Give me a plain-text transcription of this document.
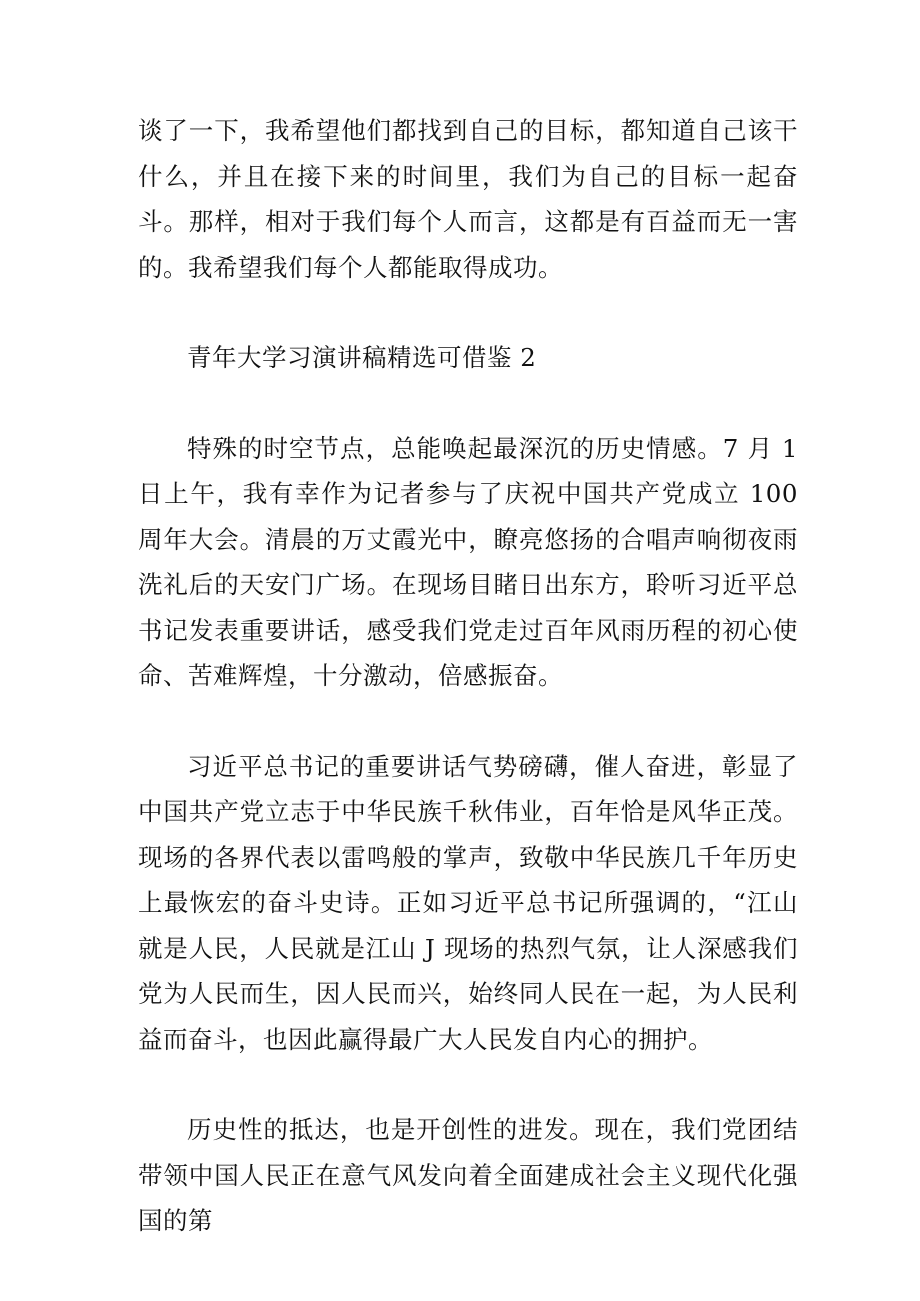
谈了一下，我希望他们都找到自己的目标，都知道自己该干什么，并且在接下来的时间里，我们为自己的目标一起奋斗。那样，相对于我们每个人而言，这都是有百益而无一害的。我希望我们每个人都能取得成功。

青年大学习演讲稿精选可借鉴 2

特殊的时空节点，总能唤起最深沉的历史情感。7 月 1 日上午，我有幸作为记者参与了庆祝中国共产党成立 100 周年大会。清晨的万丈霞光中，瞭亮悠扬的合唱声响彻夜雨洗礼后的天安门广场。在现场目睹日出东方，聆听习近平总书记发表重要讲话，感受我们党走过百年风雨历程的初心使命、苦难辉煌，十分激动，倍感振奋。

习近平总书记的重要讲话气势磅礴，催人奋进，彰显了中国共产党立志于中华民族千秋伟业，百年恰是风华正茂。现场的各界代表以雷鸣般的掌声，致敬中华民族几千年历史上最恢宏的奋斗史诗。正如习近平总书记所强调的，“江山就是人民，人民就是江山 J 现场的热烈气氛，让人深感我们党为人民而生，因人民而兴，始终同人民在一起，为人民利益而奋斗，也因此赢得最广大人民发自内心的拥护。

历史性的抵达，也是开创性的进发。现在，我们党团结带领中国人民正在意气风发向着全面建成社会主义现代化强国的第
